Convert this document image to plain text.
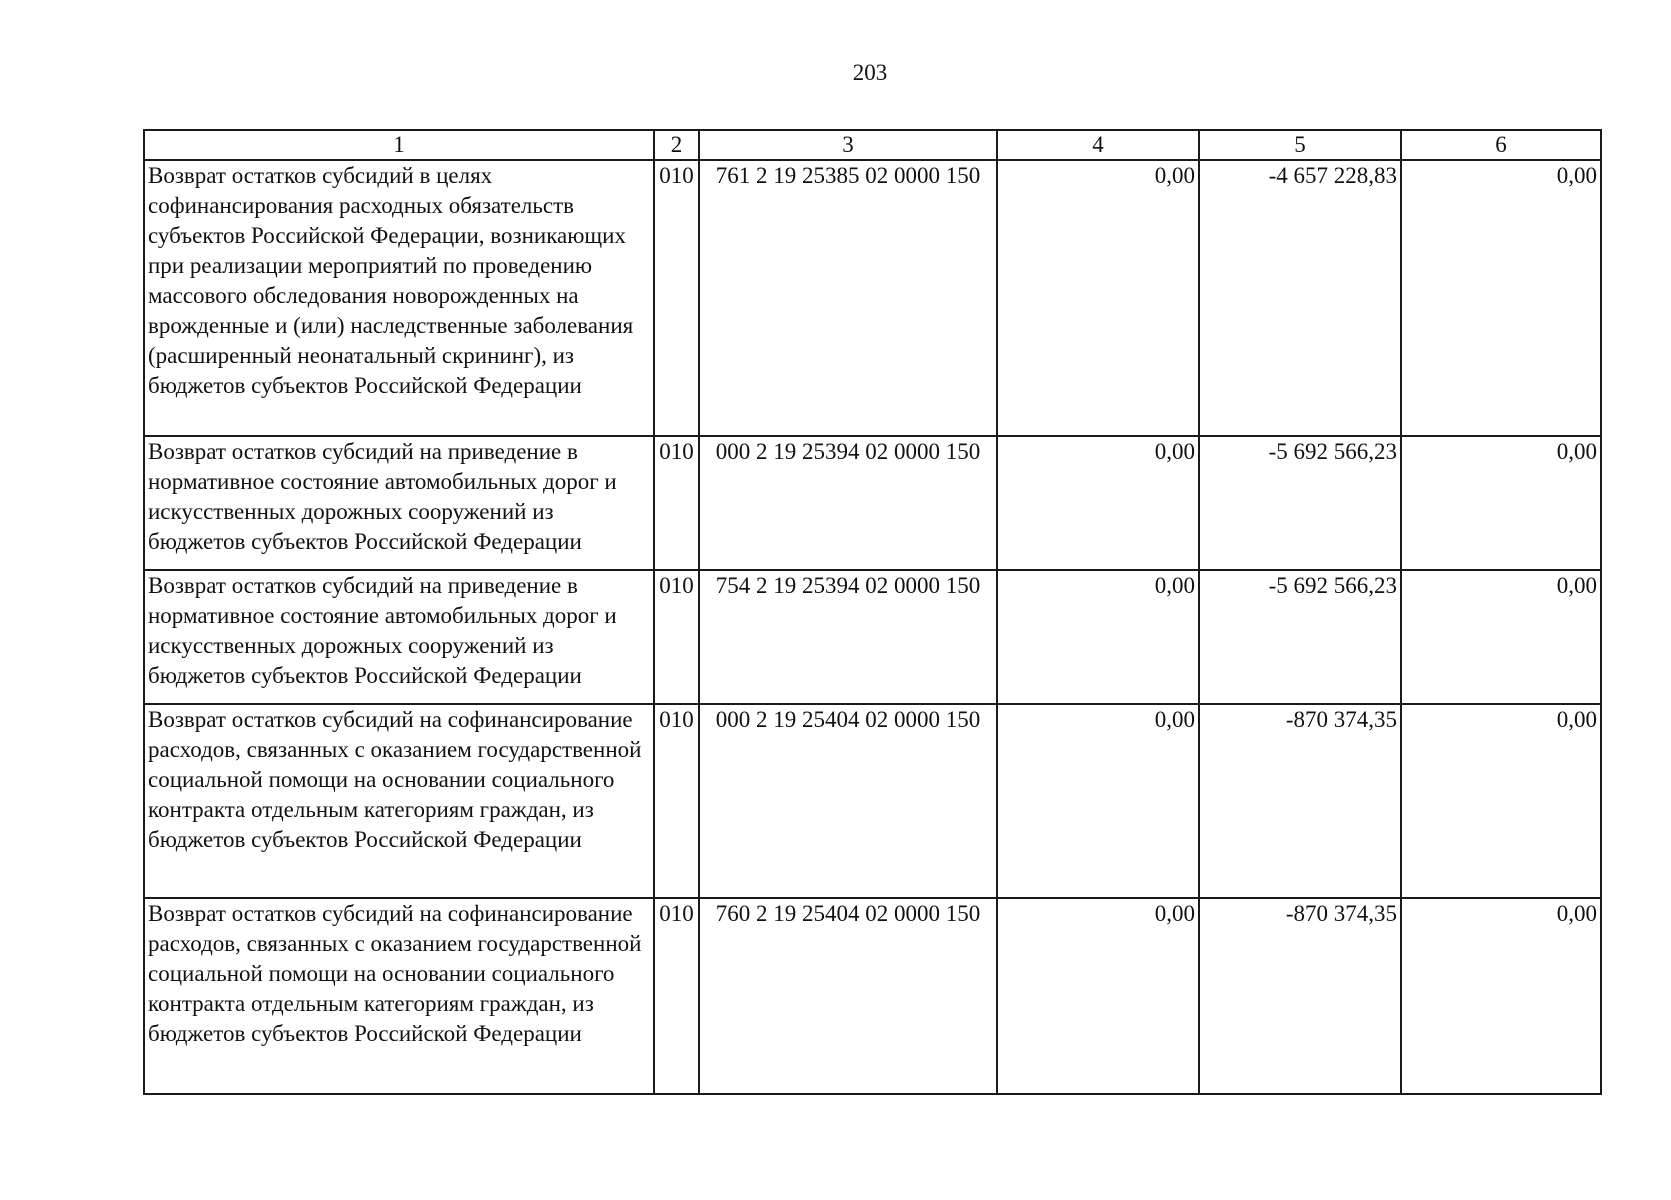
203
1	2	3	4	5	6
Возврат остатков субсидий в целях софинансирования расходных обязательств субъектов Российской Федерации, возникающих при реализации мероприятий по проведению массового обследования новорожденных на врожденные и (или) наследственные заболевания (расширенный неонатальный скрининг), из бюджетов субъектов Российской Федерации	010	761 2 19 25385 02 0000 150	0,00	-4 657 228,83	0,00
Возврат остатков субсидий на приведение в нормативное состояние автомобильных дорог и искусственных дорожных сооружений из бюджетов субъектов Российской Федерации	010	000 2 19 25394 02 0000 150	0,00	-5 692 566,23	0,00
Возврат остатков субсидий на приведение в нормативное состояние автомобильных дорог и искусственных дорожных сооружений из бюджетов субъектов Российской Федерации	010	754 2 19 25394 02 0000 150	0,00	-5 692 566,23	0,00
Возврат остатков субсидий на софинансирование расходов, связанных с оказанием государственной социальной помощи на основании социального контракта отдельным категориям граждан, из бюджетов субъектов Российской Федерации	010	000 2 19 25404 02 0000 150	0,00	-870 374,35	0,00
Возврат остатков субсидий на софинансирование расходов, связанных с оказанием государственной социальной помощи на основании социального контракта отдельным категориям граждан, из бюджетов субъектов Российской Федерации	010	760 2 19 25404 02 0000 150	0,00	-870 374,35	0,00
